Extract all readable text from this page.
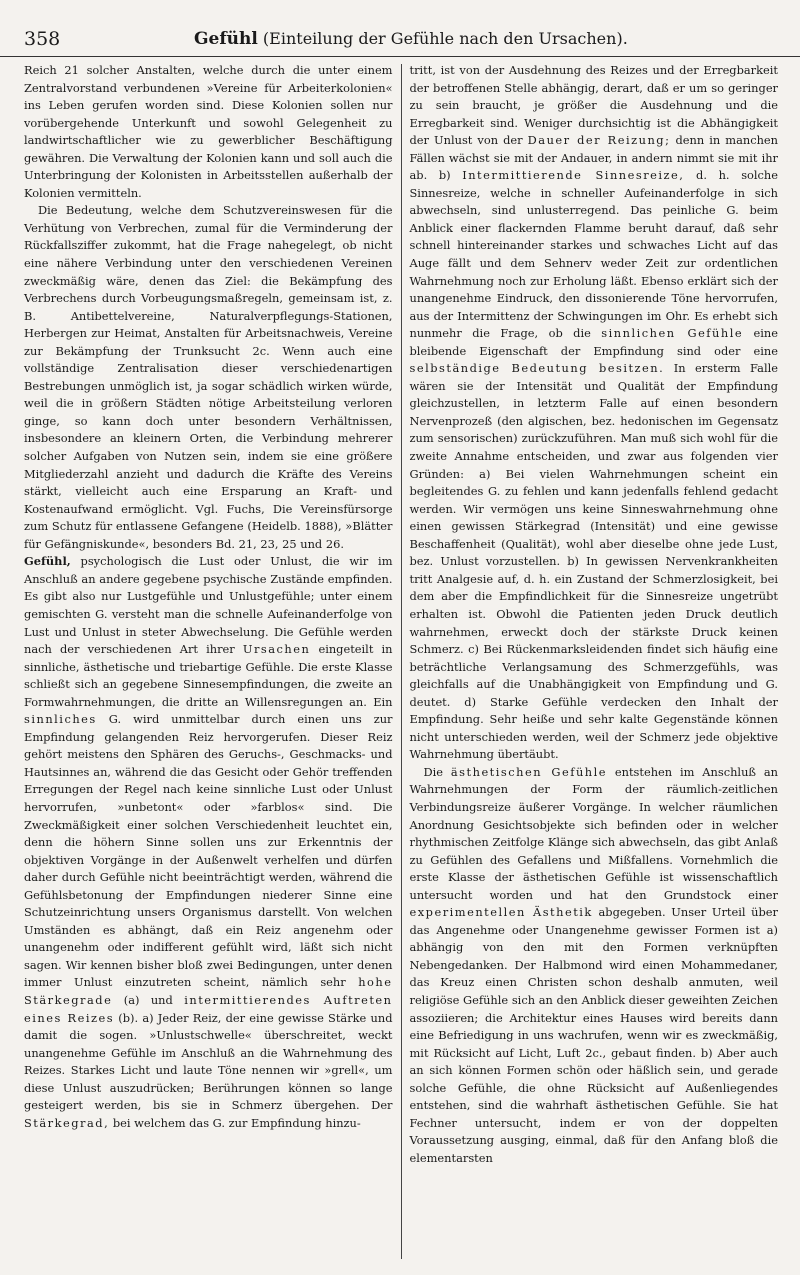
358	Gefühl (Einteilung der Gefühle nach den Ursachen).

Reich 21 solcher Anstalten, welche durch die unter einem Zentralvorstand verbundenen »Vereine für Arbeiterkolonien« ins Leben gerufen worden sind. Diese Kolonien sollen nur vorübergehende Unterkunft und sowohl Gelegenheit zu landwirtschaftlicher wie zu gewerblicher Beschäftigung gewähren. Die Verwaltung der Kolonien kann und soll auch die Unterbringung der Kolonisten in Arbeitsstellen außerhalb der Kolonien vermitteln.

Die Bedeutung, welche dem Schutzvereinswesen für die Verhütung von Verbrechen, zumal für die Verminderung der Rückfallsziffer zukommt, hat die Frage nahegelegt, ob nicht eine nähere Verbindung unter den verschiedenen Vereinen zweckmäßig wäre, denen das Ziel: die Bekämpfung des Verbrechens durch Vorbeugungsmaßregeln, gemeinsam ist, z. B. Antibettelvereine, Naturalverpflegungs-Stationen, Herbergen zur Heimat, Anstalten für Arbeitsnachweis, Vereine zur Bekämpfung der Trunksucht 2c. Wenn auch eine vollständige Zentralisation dieser verschiedenartigen Bestrebungen unmöglich ist, ja sogar schädlich wirken würde, weil die in größern Städten nötige Arbeitsteilung verloren ginge, so kann doch unter besondern Verhältnissen, insbesondere an kleinern Orten, die Verbindung mehrerer solcher Aufgaben von Nutzen sein, indem sie eine größere Mitgliederzahl anzieht und dadurch die Kräfte des Vereins stärkt, vielleicht auch eine Ersparung an Kraft- und Kostenaufwand ermöglicht. Vgl. Fuchs, Die Vereinsfürsorge zum Schutz für entlassene Gefangene (Heidelb. 1888), »Blätter für Gefängniskunde«, besonders Bd. 21, 23, 25 und 26.

Gefühl, psychologisch die Lust oder Unlust, die wir im Anschluß an andere gegebene psychische Zustände empfinden. Es gibt also nur Lustgefühle und Unlustgefühle; unter einem gemischten G. versteht man die schnelle Aufeinanderfolge von Lust und Unlust in steter Abwechselung. Die Gefühle werden nach der verschiedenen Art ihrer Ursachen eingeteilt in sinnliche, ästhetische und triebartige Gefühle. Die erste Klasse schließt sich an gegebene Sinnesempfindungen, die zweite an Formwahrnehmungen, die dritte an Willensregungen an. Ein sinnliches G. wird unmittelbar durch einen uns zur Empfindung gelangenden Reiz hervorgerufen. Dieser Reiz gehört meistens den Sphären des Geruchs-, Geschmacks- und Hautsinnes an, während die das Gesicht oder Gehör treffenden Erregungen der Regel nach keine sinnliche Lust oder Unlust hervorrufen, »unbetont« oder »farblos« sind. Die Zweckmäßigkeit einer solchen Verschiedenheit leuchtet ein, denn die höhern Sinne sollen uns zur Erkenntnis der objektiven Vorgänge in der Außenwelt verhelfen und dürfen daher durch Gefühle nicht beeinträchtigt werden, während die Gefühlsbetonung der Empfindungen niederer Sinne eine Schutzeinrichtung unsers Organismus darstellt. Von welchen Umständen es abhängt, daß ein Reiz angenehm oder unangenehm oder indifferent gefühlt wird, läßt sich nicht sagen. Wir kennen bisher bloß zwei Bedingungen, unter denen immer Unlust einzutreten scheint, nämlich sehr hohe Stärkegrade (a) und intermittierendes Auftreten eines Reizes (b). a) Jeder Reiz, der eine gewisse Stärke und damit die sogen. »Unlustschwelle« überschreitet, weckt unangenehme Gefühle im Anschluß an die Wahrnehmung des Reizes. Starkes Licht und laute Töne nennen wir »grell«, um diese Unlust auszudrücken; Berührungen können so lange gesteigert werden, bis sie in Schmerz übergehen. Der Stärkegrad, bei welchem das G. zur Empfindung hinzu-

tritt, ist von der Ausdehnung des Reizes und der Erregbarkeit der betroffenen Stelle abhängig, derart, daß er um so geringer zu sein braucht, je größer die Ausdehnung und die Erregbarkeit sind. Weniger durchsichtig ist die Abhängigkeit der Unlust von der Dauer der Reizung; denn in manchen Fällen wächst sie mit der Andauer, in andern nimmt sie mit ihr ab. b) Intermittierende Sinnesreize, d. h. solche Sinnesreize, welche in schneller Aufeinanderfolge in sich abwechseln, sind unlusterregend. Das peinliche G. beim Anblick einer flackernden Flamme beruht darauf, daß sehr schnell hintereinander starkes und schwaches Licht auf das Auge fällt und dem Sehnerv weder Zeit zur ordentlichen Wahrnehmung noch zur Erholung läßt. Ebenso erklärt sich der unangenehme Eindruck, den dissonierende Töne hervorrufen, aus der Intermittenz der Schwingungen im Ohr. Es erhebt sich nunmehr die Frage, ob die sinnlichen Gefühle eine bleibende Eigenschaft der Empfindung sind oder eine selbständige Bedeutung besitzen. In ersterm Falle wären sie der Intensität und Qualität der Empfindung gleichzustellen, in letzterm Falle auf einen besondern Nervenprozeß (den algischen, bez. hedonischen im Gegensatz zum sensorischen) zurückzuführen. Man muß sich wohl für die zweite Annahme entscheiden, und zwar aus folgenden vier Gründen: a) Bei vielen Wahrnehmungen scheint ein begleitendes G. zu fehlen und kann jedenfalls fehlend gedacht werden. Wir vermögen uns keine Sinneswahrnehmung ohne einen gewissen Stärkegrad (Intensität) und eine gewisse Beschaffenheit (Qualität), wohl aber dieselbe ohne jede Lust, bez. Unlust vorzustellen. b) In gewissen Nervenkrankheiten tritt Analgesie auf, d. h. ein Zustand der Schmerzlosigkeit, bei dem aber die Empfindlichkeit für die Sinnesreize ungetrübt erhalten ist. Obwohl die Patienten jeden Druck deutlich wahrnehmen, erweckt doch der stärkste Druck keinen Schmerz. c) Bei Rückenmarksleidenden findet sich häufig eine beträchtliche Verlangsamung des Schmerzgefühls, was gleichfalls auf die Unabhängigkeit von Empfindung und G. deutet. d) Starke Gefühle verdecken den Inhalt der Empfindung. Sehr heiße und sehr kalte Gegenstände können nicht unterschieden werden, weil der Schmerz jede objektive Wahrnehmung übertäubt.

Die ästhetischen Gefühle entstehen im Anschluß an Wahrnehmungen der Form der räumlich-zeitlichen Verbindungsreize äußerer Vorgänge. In welcher räumlichen Anordnung Gesichtsobjekte sich befinden oder in welcher rhythmischen Zeitfolge Klänge sich abwechseln, das gibt Anlaß zu Gefühlen des Gefallens und Mißfallens. Vornehmlich die erste Klasse der ästhetischen Gefühle ist wissenschaftlich untersucht worden und hat den Grundstock einer experimentellen Ästhetik abgegeben. Unser Urteil über das Angenehme oder Unangenehme gewisser Formen ist a) abhängig von den mit den Formen verknüpften Nebengedanken. Der Halbmond wird einen Mohammedaner, das Kreuz einen Christen schon deshalb anmuten, weil religiöse Gefühle sich an den Anblick dieser geweihten Zeichen assoziieren; die Architektur eines Hauses wird bereits dann eine Befriedigung in uns wachrufen, wenn wir es zweckmäßig, mit Rücksicht auf Licht, Luft 2c., gebaut finden. b) Aber auch an sich können Formen schön oder häßlich sein, und gerade solche Gefühle, die ohne Rücksicht auf Außenliegendes entstehen, sind die wahrhaft ästhetischen Gefühle. Sie hat Fechner untersucht, indem er von der doppelten Voraussetzung ausging, einmal, daß für den Anfang bloß die elementarsten
